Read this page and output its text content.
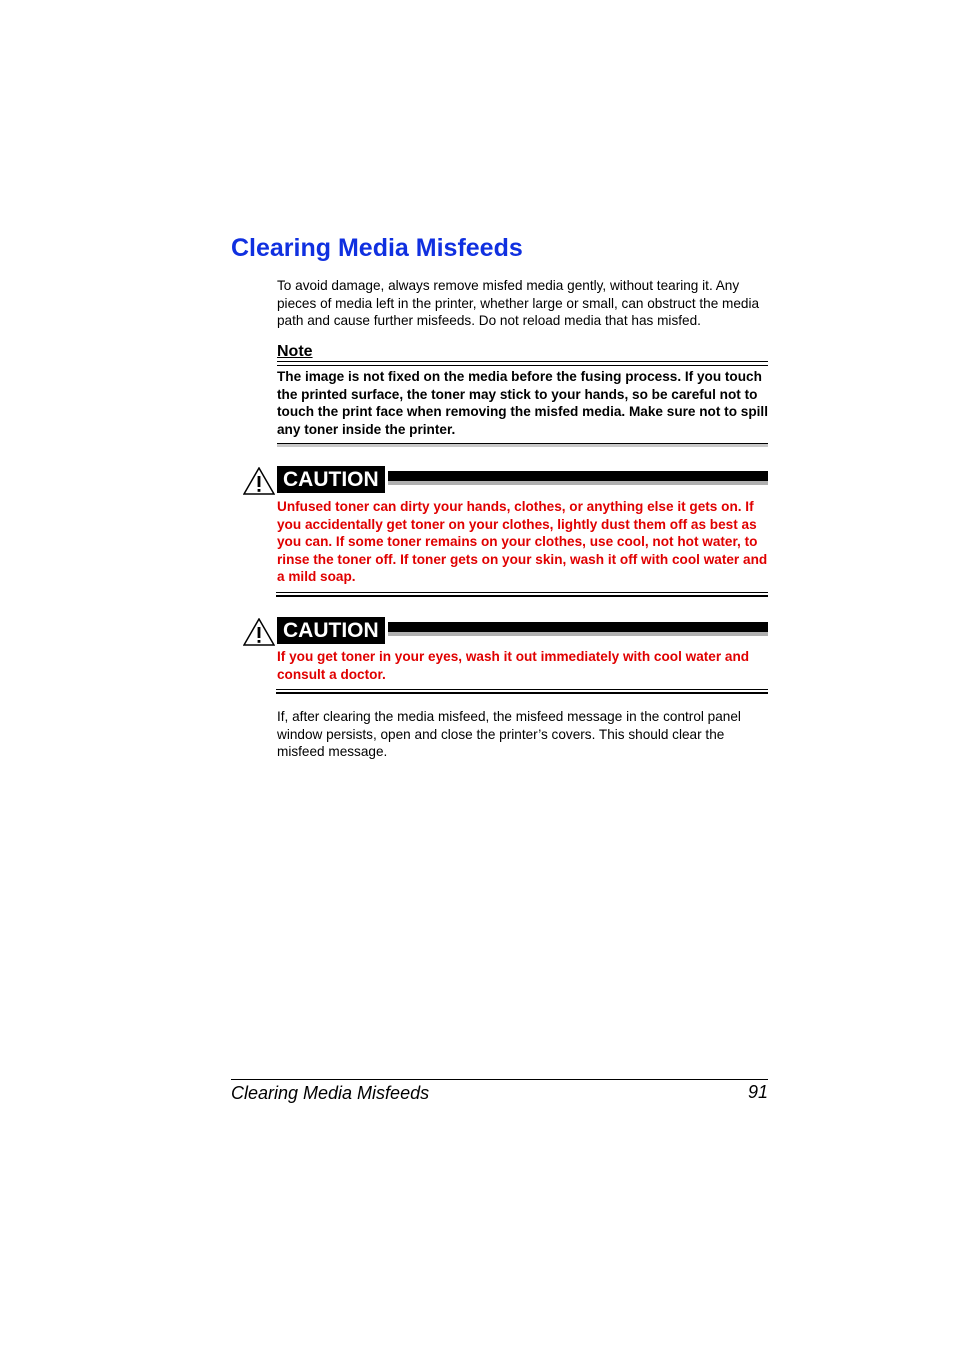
Clearing Media Misfeeds

To avoid damage, always remove misfed media gently, without tearing it. Any pieces of media left in the printer, whether large or small, can obstruct the media path and cause further misfeeds. Do not reload media that has misfed.

Note

The image is not fixed on the media before the fusing process. If you touch the printed surface, the toner may stick to your hands, so be careful not to touch the print face when removing the misfed media. Make sure not to spill any toner inside the printer.

CAUTION

Unfused toner can dirty your hands, clothes, or anything else it gets on. If you accidentally get toner on your clothes, lightly dust them off as best as you can. If some toner remains on your clothes, use cool, not hot water, to rinse the toner off. If toner gets on your skin, wash it off with cool water and a mild soap.

CAUTION

If you get toner in your eyes, wash it out immediately with cool water and consult a doctor.

If, after clearing the media misfeed, the misfeed message in the control panel window persists, open and close the printer’s covers. This should clear the misfeed message.

Clearing Media Misfeeds	91
